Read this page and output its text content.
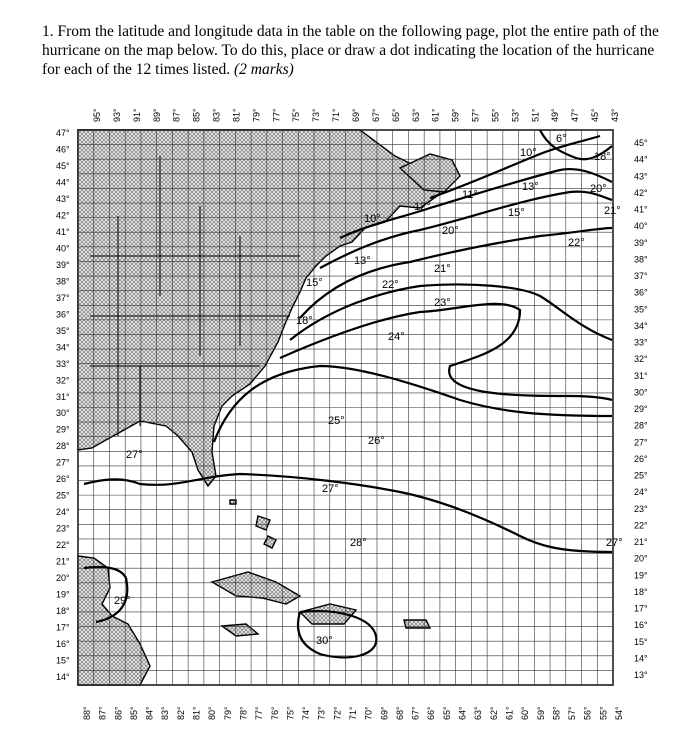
1. From the latitude and longitude data in the table on the following page, plot the entire path of the hurricane on the map below. To do this, place or draw a dot indicating the location of the hurricane for each of the 12 times listed. (2 marks)
6°
10°	18°
13°	20°
21°
11°
12°	15°
22°
10°
20°
13°
21°
15°	22°
23°
18°
24°
25°
26°
27°
27°
28°	27°
29°
30°
95° 93° 91° 89° 87° 85° 83° 81° 79° 77° 75° 73° 71° 69° 67° 65° 63° 61° 59° 57° 55° 53° 51° 49° 47° 45° 43°
88° 87° 86° 85° 84° 83° 82° 81° 80° 79° 78° 77° 76° 75° 74° 73° 72° 71° 70° 69° 68° 67° 66° 65° 64° 63° 62° 61° 60° 59° 58° 57° 56° 55° 54°
47°
46°
45°
44°
43°
42°
41°
40°
39°
38°
37°
36°
35°
34°
33°
32°
31°
30°
29°
28°
27°
26°
25°
24°
23°
22°
21°
20°
19°
18°
17°
16°
15°
14°
45°
44°
43°
42°
41°
40°
39°
38°
37°
36°
35°
34°
33°
32°
31°
30°
29°
28°
27°
26°
25°
24°
23°
22°
21°
20°
19°
18°
17°
16°
15°
14°
13°
